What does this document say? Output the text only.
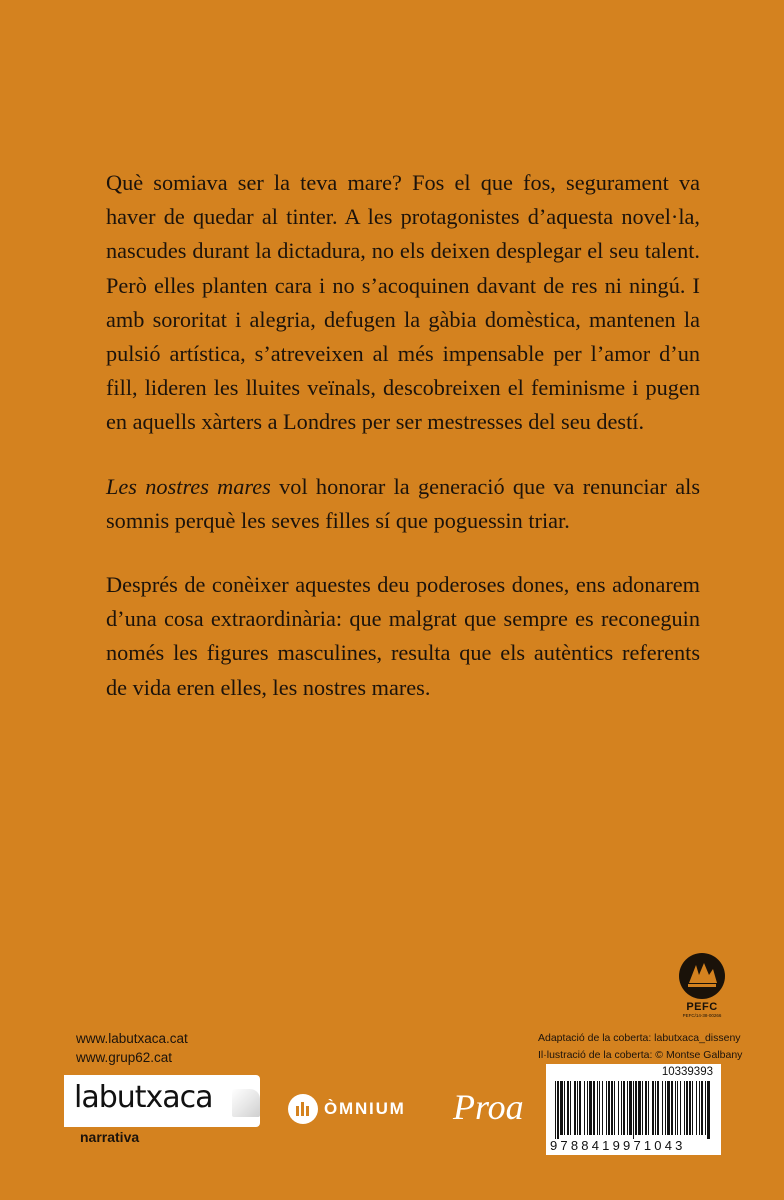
Què somiava ser la teva mare? Fos el que fos, segurament va haver de quedar al tinter. A les protagonistes d’aquesta novel·la, nascudes durant la dictadura, no els deixen desplegar el seu talent. Però elles planten cara i no s’acoquinen davant de res ni ningú. I amb sororitat i alegria, defugen la gàbia domèstica, mantenen la pulsió artística, s’atreveixen al més impensable per l’amor d’un fill, lideren les lluites veïnals, descobreixen el feminisme i pugen en aquells xàrters a Londres per ser mestresses del seu destí.

Les nostres mares vol honorar la generació que va renunciar als somnis perquè les seves filles sí que poguessin triar.

Després de conèixer aquestes deu poderoses dones, ens adonarem d’una cosa extraordinària: que malgrat que sempre es reconeguin només les figures masculines, resulta que els autèntics referents de vida eren elles, les nostres mares.

PEFC
PEFC/14-38-00266
www.labutxaca.cat
www.grup62.cat
labutxaca
narrativa
ÒMNIUM Proa
Adaptació de la coberta: labutxaca_disseny
Il·lustració de la coberta: © Montse Galbany
10339393
9788419971043
